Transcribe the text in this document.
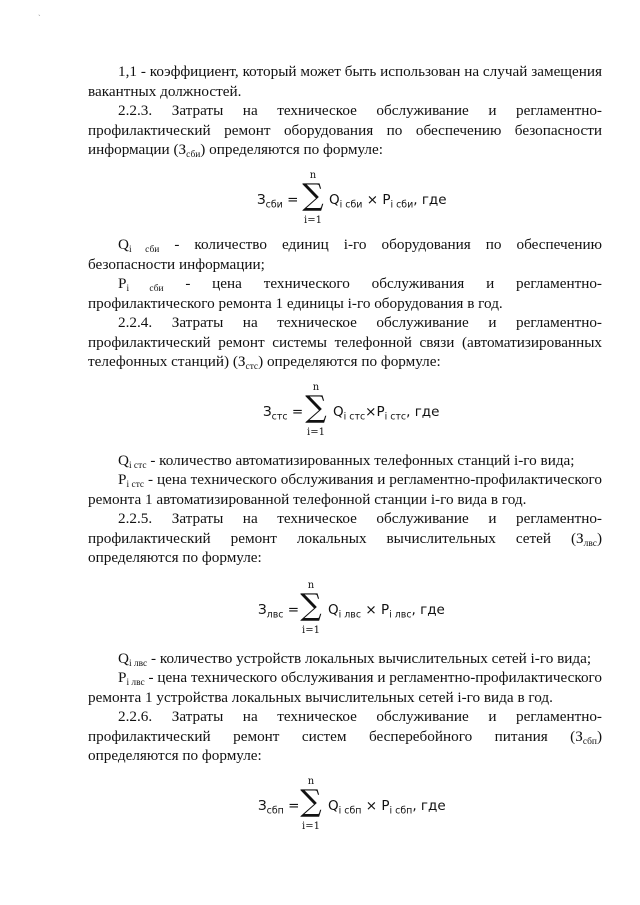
`
1,1 - коэффициент, который может быть использован на случай замещения вакантных должностей.
2.2.3. Затраты на техническое обслуживание и регламентно-профилактический ремонт оборудования по обеспечению безопасности информации $(З_{сби})$ определяются по формуле:
$З_{сби}$ =
n
∑
i=1
$Q_{i сби} \times P_{i сби}$, где
$Q_{i сби}$ - количество единиц i-го оборудования по обеспечению безопасности информации;
$P_{i сби}$ - цена технического обслуживания и регламентно-профилактического ремонта 1 единицы i-го оборудования в год.
2.2.4. Затраты на техническое обслуживание и регламентно-профилактический ремонт системы телефонной связи (автоматизированных телефонных станций) $(З_{стс})$ определяются по формуле:
$З_{стс}$ =
n
∑
i=1
$Q_{i стс}\times P_{i стс}$, где
$Q_{i стс}$ - количество автоматизированных телефонных станций i-го вида;
$P_{i стс}$ - цена технического обслуживания и регламентно-профилактического ремонта 1 автоматизированной телефонной станции i-го вида в год.
2.2.5. Затраты на техническое обслуживание и регламентно-профилактический ремонт локальных вычислительных сетей $(З_{лвс})$ определяются по формуле:
$З_{лвс}$ =
n
∑
i=1
$Q_{i лвс} \times P_{i лвс}$, где
$Q_{i лвс}$ - количество устройств локальных вычислительных сетей i-го вида;
$P_{i лвс}$ - цена технического обслуживания и регламентно-профилактического ремонта 1 устройства локальных вычислительных сетей i-го вида в год.
2.2.6. Затраты на техническое обслуживание и регламентно-профилактический ремонт систем бесперебойного питания $(З_{сбп})$ определяются по формуле:
$З_{сбп}$ =
n
∑
i=1
$Q_{i сбп} \times P_{i сбп}$, где
